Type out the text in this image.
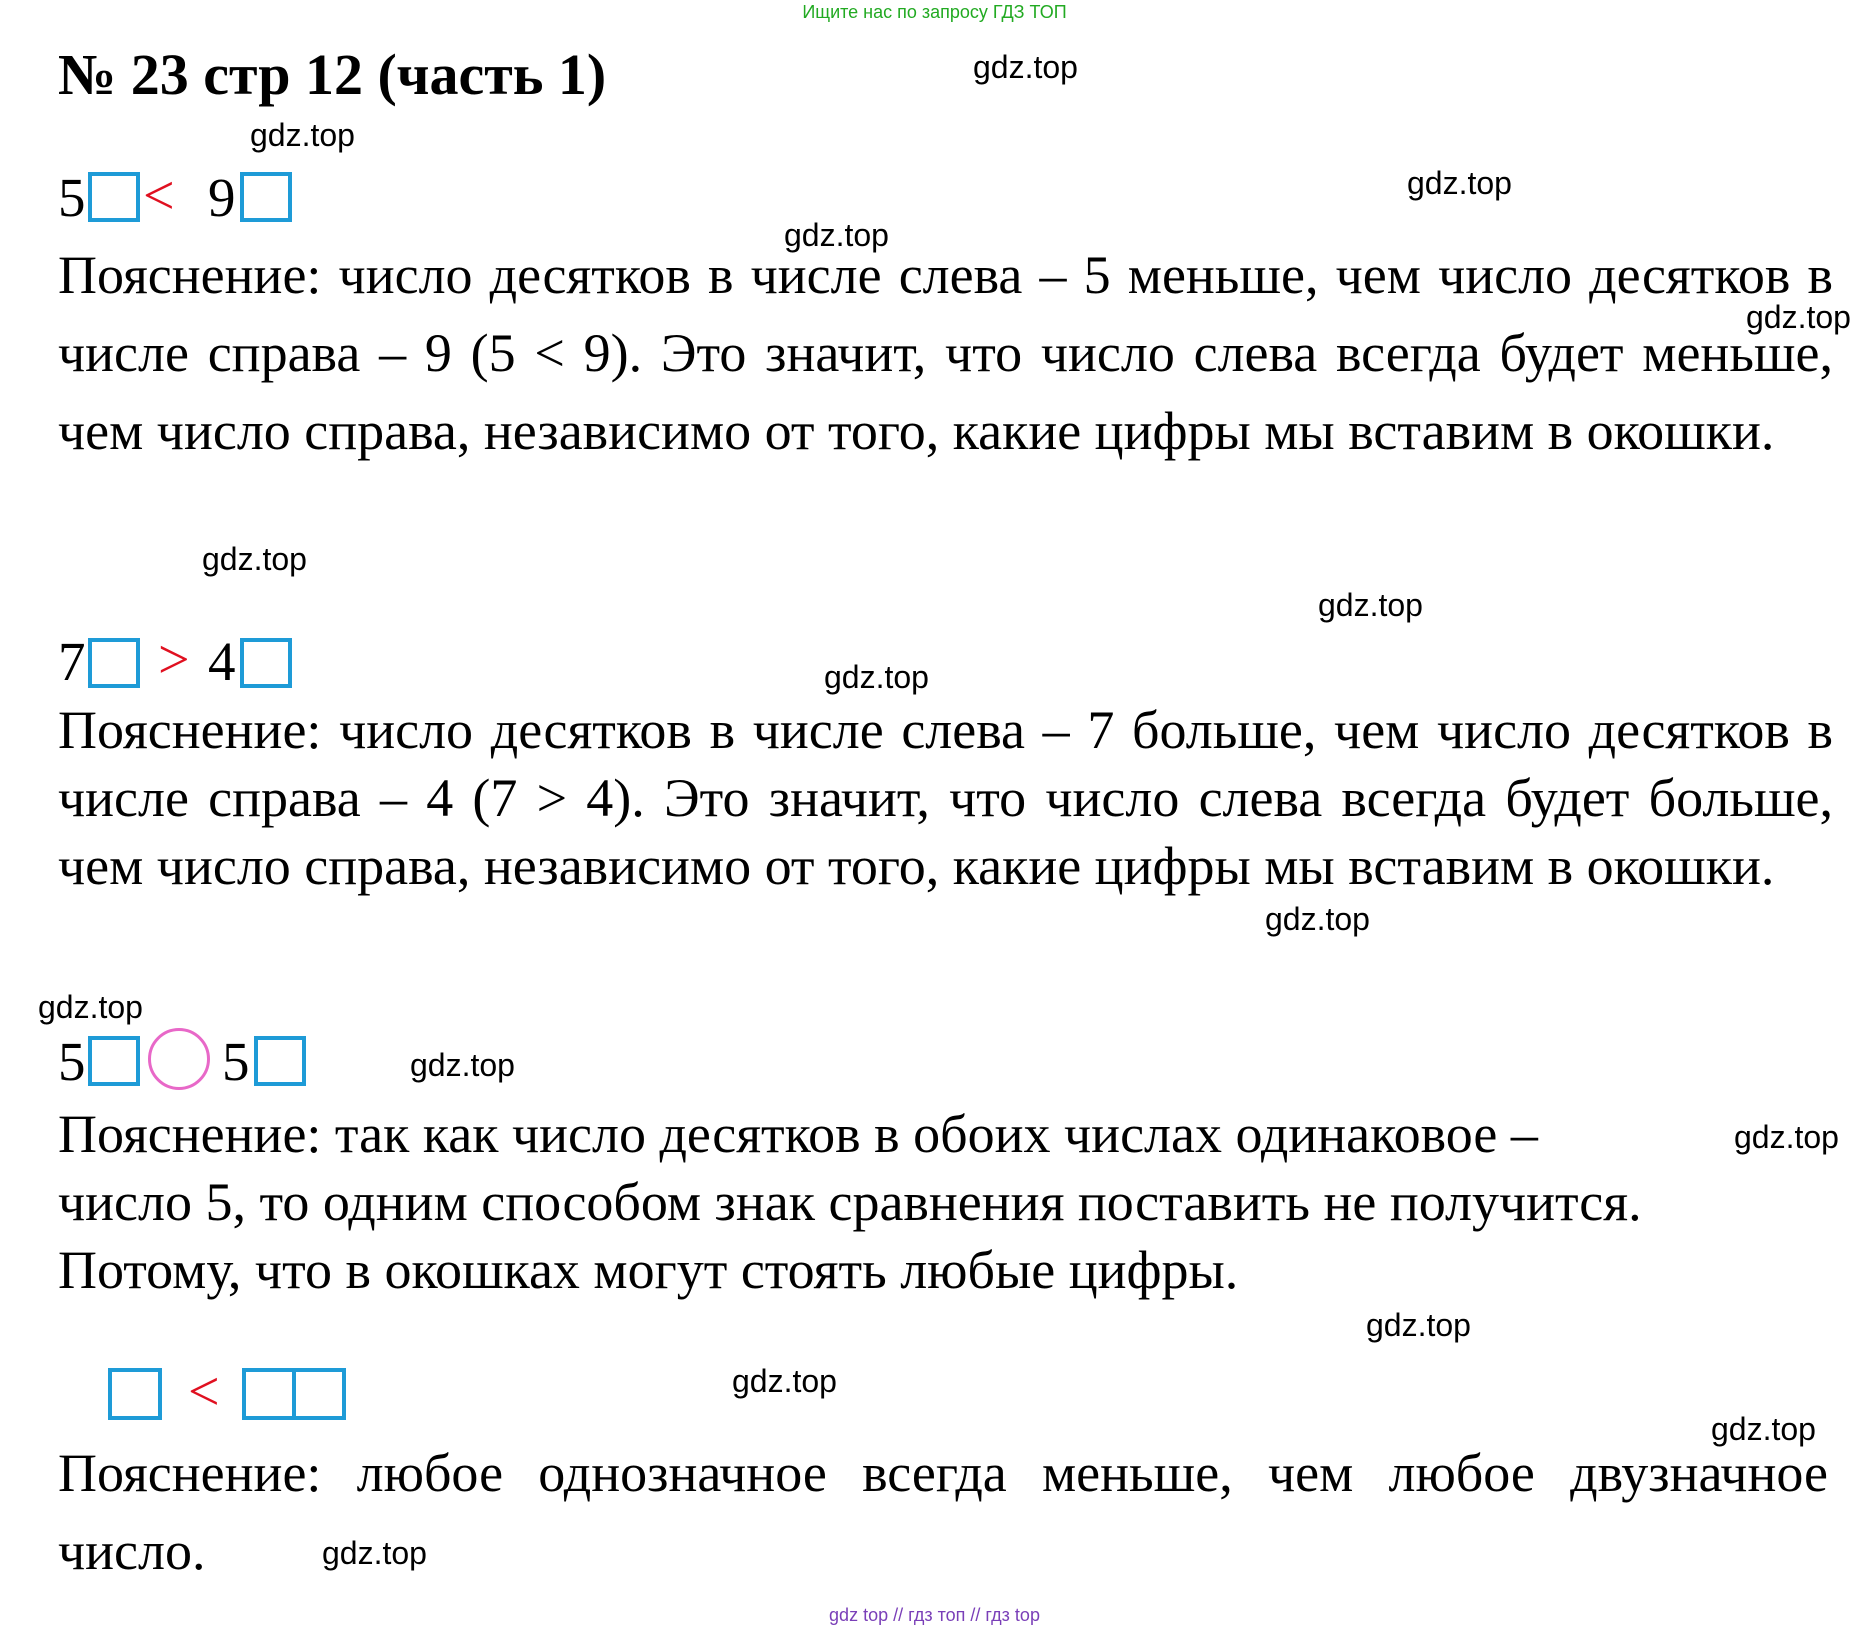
Ищите нас по запросу ГДЗ ТОП
№ 23 стр 12 (часть 1)
5 < 9
Пояснение: число десятков в числе слева – 5 меньше, чем число десятков в числе справа – 9 (5 < 9). Это значит, что число слева всегда будет меньше, чем число справа, независимо от того, какие цифры мы вставим в окошки.
7 > 4
Пояснение: число десятков в числе слева – 7 больше, чем число десятков в числе справа – 4 (7 > 4). Это значит, что число слева всегда будет больше, чем число справа, независимо от того, какие цифры мы вставим в окошки.
5 5
Пояснение: так как число десятков в обоих числах одинаковое –
число 5, то одним способом знак сравнения поставить не получится.
Потому, что в окошках могут стоять любые цифры.
<
Пояснение: любое однозначное всегда меньше, чем любое двузначное число.
gdz.top
gdz.top
gdz.top
gdz.top
gdz.top
gdz.top
gdz.top
gdz.top
gdz.top
gdz.top
gdz.top
gdz.top
gdz.top
gdz.top
gdz.top
gdz.top
gdz top // гдз топ // гдз top
